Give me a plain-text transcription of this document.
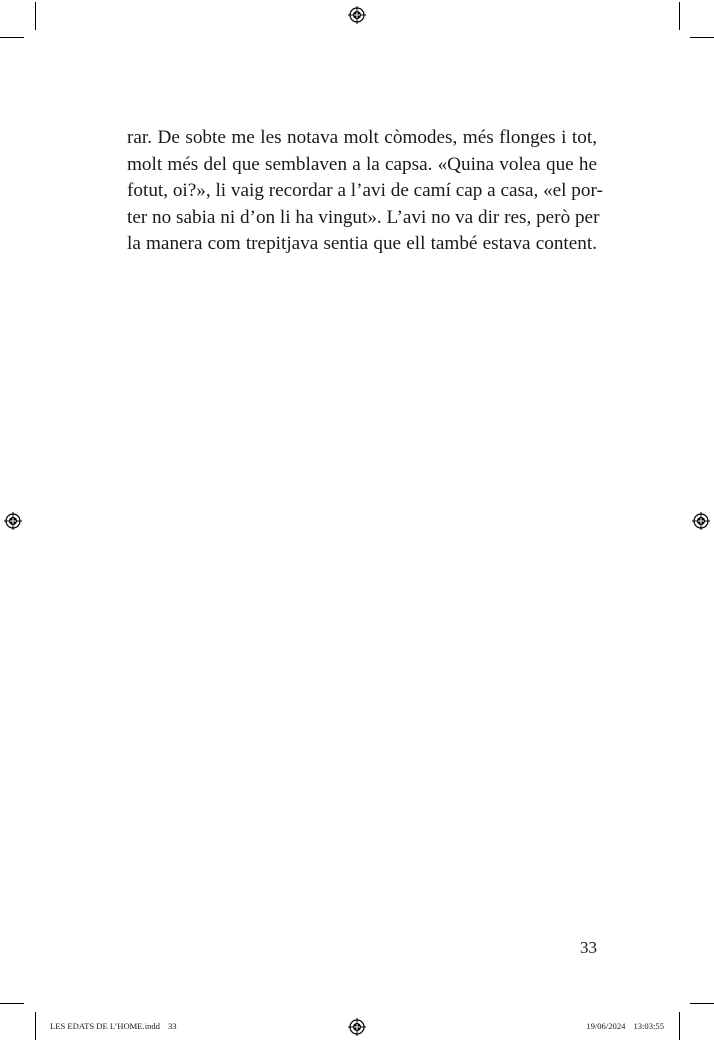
rar. De sobte me les notava molt còmodes, més flonges i tot,
molt més del que semblaven a la capsa. «Quina volea que he
fotut, oi?», li vaig recordar a l’avi de camí cap a casa, «el por-
ter no sabia ni d’on li ha vingut». L’avi no va dir res, però per
la manera com trepitjava sentia que ell també estava content.
33
LES EDATS DE L’HOME.indd 33	19/06/2024 13:03:55
